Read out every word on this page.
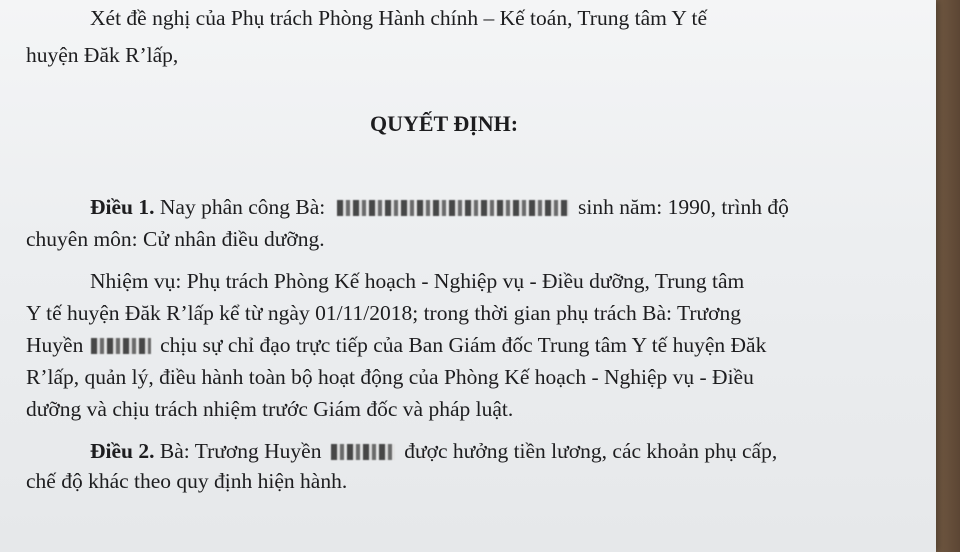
Xét đề nghị của Phụ trách Phòng Hành chính – Kế toán, Trung tâm Y tế
huyện Đăk R’lấp,
QUYẾT ĐỊNH:
Điều 1. Nay phân công Bà:	sinh năm: 1990, trình độ
chuyên môn: Cử nhân điều dưỡng.
Nhiệm vụ: Phụ trách Phòng Kế hoạch - Nghiệp vụ - Điều dưỡng, Trung tâm
Y tế huyện Đăk R’lấp kể từ ngày 01/11/2018; trong thời gian phụ trách Bà: Trương
Huyền	chịu sự chỉ đạo trực tiếp của Ban Giám đốc Trung tâm Y tế huyện Đăk
R’lấp, quản lý, điều hành toàn bộ hoạt động của Phòng Kế hoạch - Nghiệp vụ - Điều
dưỡng và chịu trách nhiệm trước Giám đốc và pháp luật.
Điều 2. Bà: Trương Huyền	được hưởng tiền lương, các khoản phụ cấp,
chế độ khác theo quy định hiện hành.
